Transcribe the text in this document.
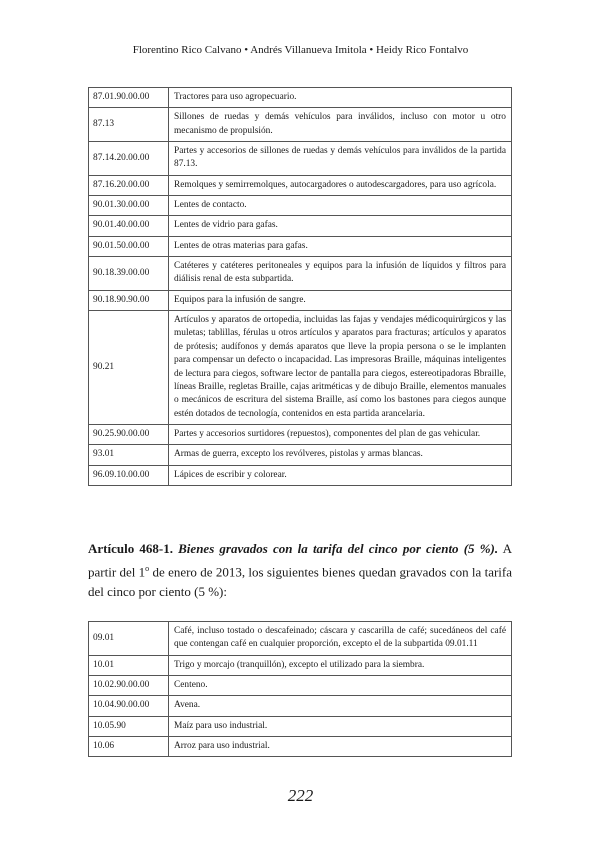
Florentino Rico Calvano • Andrés Villanueva Imitola • Heidy Rico Fontalvo
87.01.90.00.00	Tractores para uso agropecuario.
87.13	Sillones de ruedas y demás vehículos para inválidos, incluso con motor u otro mecanismo de propulsión.
87.14.20.00.00	Partes y accesorios de sillones de ruedas y demás vehículos para inválidos de la partida 87.13.
87.16.20.00.00	Remolques y semirremolques, autocargadores o autodescargadores, para uso agrícola.
90.01.30.00.00	Lentes de contacto.
90.01.40.00.00	Lentes de vidrio para gafas.
90.01.50.00.00	Lentes de otras materias para gafas.
90.18.39.00.00	Catéteres y catéteres peritoneales y equipos para la infusión de líquidos y filtros para diálisis renal de esta subpartida.
90.18.90.90.00	Equipos para la infusión de sangre.
90.21	Artículos y aparatos de ortopedia, incluidas las fajas y vendajes médicoquirúrgicos y las muletas; tablillas, férulas u otros artículos y aparatos para fracturas; artículos y aparatos de prótesis; audífonos y demás aparatos que lleve la propia persona o se le implanten para compensar un defecto o incapacidad. Las impresoras Braille, máquinas inteligentes de lectura para ciegos, software lector de pantalla para ciegos, estereotipadoras Bbraille, líneas Braille, regletas Braille, cajas aritméticas y de dibujo Braille, elementos manuales o mecánicos de escritura del sistema Braille, así como los bastones para ciegos aunque estén dotados de tecnología, contenidos en esta partida arancelaria.
90.25.90.00.00	Partes y accesorios surtidores (repuestos), componentes del plan de gas vehicular.
93.01	Armas de guerra, excepto los revólveres, pistolas y armas blancas.
96.09.10.00.00	Lápices de escribir y colorear.
Artículo 468-1. Bienes gravados con la tarifa del cinco por ciento (5 %). A partir del 1$^o$ de enero de 2013, los siguientes bienes quedan gravados con la tarifa del cinco por ciento (5 %):
09.01	Café, incluso tostado o descafeinado; cáscara y cascarilla de café; sucedáneos del café que contengan café en cualquier proporción, excepto el de la subpartida 09.01.11
10.01	Trigo y morcajo (tranquillón), excepto el utilizado para la siembra.
10.02.90.00.00	Centeno.
10.04.90.00.00	Avena.
10.05.90	Maíz para uso industrial.
10.06	Arroz para uso industrial.
222
